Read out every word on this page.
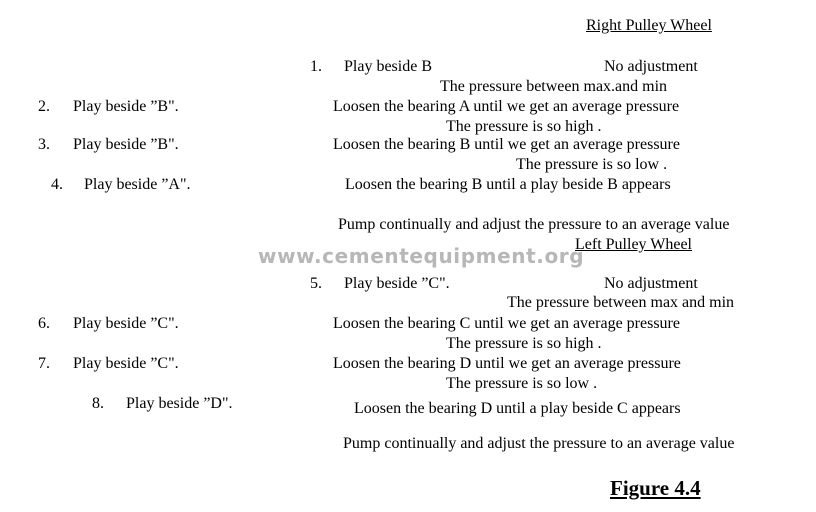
Right Pulley Wheel
1. Play beside B	No adjustment
The pressure between max.and min
2. Play beside ”B".	Loosen the bearing A until we get an average pressure
The pressure is so high .
3. Play beside ”B".	Loosen the bearing B until we get an average pressure
The pressure is so low .
4. Play beside ”A".	Loosen the bearing B until a play beside B appears
Pump continually and adjust the pressure to an average value
Left Pulley Wheel
www.cementequipment.org
5. Play beside ”C".	No adjustment
The pressure between max and min
6. Play beside ”C".	Loosen the bearing C until we get an average pressure
The pressure is so high .
7. Play beside ”C".	Loosen the bearing D until we get an average pressure
The pressure is so low .
8. Play beside ”D".	Loosen the bearing D until a play beside C appears
Pump continually and adjust the pressure to an average value
Figure 4.4
